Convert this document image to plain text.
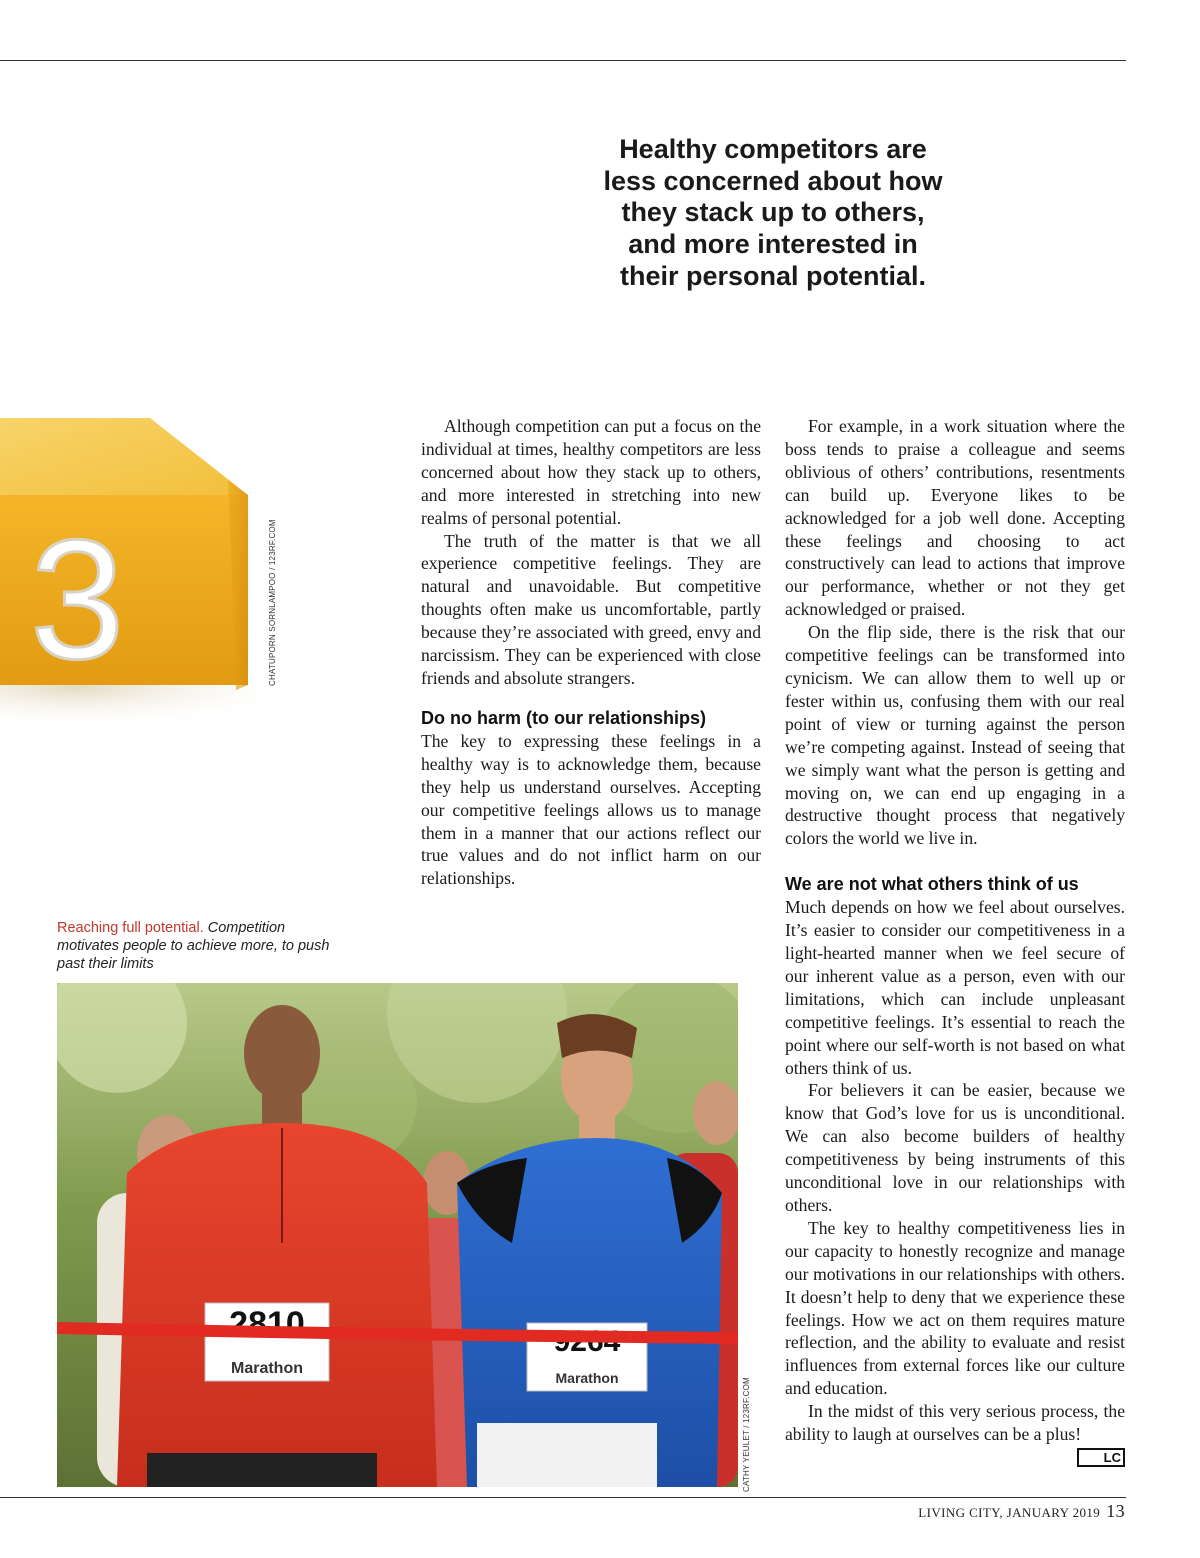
Healthy competitors are
less concerned about how
they stack up to others,
and more interested in
their personal potential.
3	CHATUPORN SORNLAMPOO / 123RF.COM

Although competition can put a focus on the individual at times, healthy competitors are less concerned about how they stack up to others, and more interested in stretching into new realms of personal potential.

The truth of the matter is that we all experience competitive feelings. They are natural and unavoidable. But competitive thoughts often make us uncomfortable, partly because they’re associated with greed, envy and narcissism. They can be experienced with close friends and absolute strangers.

Do no harm (to our relationships)

The key to expressing these feelings in a healthy way is to acknowledge them, because they help us understand ourselves. Accepting our competitive feelings allows us to manage them in a manner that our actions reflect our true values and do not inflict harm on our relationships.

For example, in a work situation where the boss tends to praise a colleague and seems oblivious of others’ contributions, resentments can build up. Everyone likes to be acknowledged for a job well done. Accepting these feelings and choosing to act constructively can lead to actions that improve our performance, whether or not they get acknowledged or praised.

On the flip side, there is the risk that our competitive feelings can be transformed into cynicism. We can allow them to well up or fester within us, confusing them with our real point of view or turning against the person we’re competing against. Instead of seeing that we simply want what the person is getting and moving on, we can end up engaging in a destructive thought process that negatively colors the world we live in.

We are not what others think of us

Much depends on how we feel about ourselves. It’s easier to consider our competitiveness in a light-hearted manner when we feel secure of our inherent value as a person, even with our limitations, which can include unpleasant competitive feelings. It’s essential to reach the point where our self-worth is not based on what others think of us.

For believers it can be easier, because we know that God’s love for us is unconditional. We can also become builders of healthy competitiveness by being instruments of this unconditional love in our relationships with others.

The key to healthy competitiveness lies in our capacity to honestly recognize and manage our motivations in our relationships with others. It doesn’t help to deny that we experience these feelings. How we act on them requires mature reflection, and the ability to evaluate and resist influences from external forces like our culture and education.

In the midst of this very serious process, the ability to laugh at ourselves can be a plus!
LC

Reaching full potential. Competition motivates people to achieve more, to push past their limits
2810
Marathon
9264
Marathon	CATHY YEULET / 123RF.COM
LIVING CITY, JANUARY 2019 13
